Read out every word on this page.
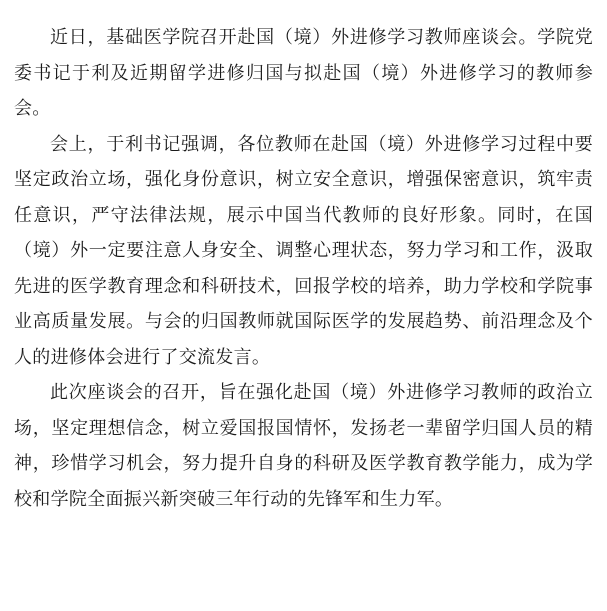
近日，基础医学院召开赴国（境）外进修学习教师座谈会。学院党委书记于利及近期留学进修归国与拟赴国（境）外进修学习的教师参会。

会上，于利书记强调，各位教师在赴国（境）外进修学习过程中要坚定政治立场，强化身份意识，树立安全意识，增强保密意识，筑牢责任意识，严守法律法规，展示中国当代教师的良好形象。同时，在国（境）外一定要注意人身安全、调整心理状态，努力学习和工作，汲取先进的医学教育理念和科研技术，回报学校的培养，助力学校和学院事业高质量发展。与会的归国教师就国际医学的发展趋势、前沿理念及个人的进修体会进行了交流发言。

此次座谈会的召开，旨在强化赴国（境）外进修学习教师的政治立场，坚定理想信念，树立爱国报国情怀，发扬老一辈留学归国人员的精神，珍惜学习机会，努力提升自身的科研及医学教育教学能力，成为学校和学院全面振兴新突破三年行动的先锋军和生力军。
